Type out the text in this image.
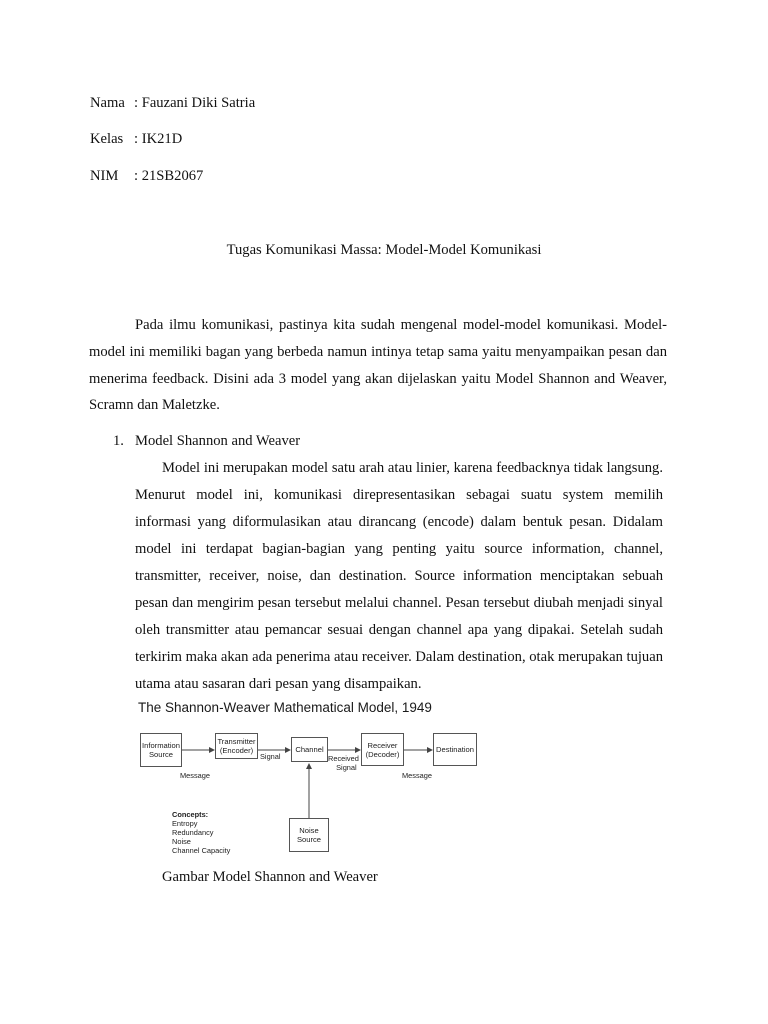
Nama : Fauzani Diki Satria
Kelas : IK21D
NIM : 21SB2067
Tugas Komunikasi Massa: Model-Model Komunikasi

Pada ilmu komunikasi, pastinya kita sudah mengenal model-model komunikasi. Model-model ini memiliki bagan yang berbeda namun intinya tetap sama yaitu menyampaikan pesan dan menerima feedback. Disini ada 3 model yang akan dijelaskan yaitu Model Shannon and Weaver, Scramn dan Maletzke.

1. Model Shannon and Weaver

Model ini merupakan model satu arah atau linier, karena feedbacknya tidak langsung. Menurut model ini, komunikasi direpresentasikan sebagai suatu system memilih informasi yang diformulasikan atau dirancang (encode) dalam bentuk pesan. Didalam model ini terdapat bagian-bagian yang penting yaitu source information, channel, transmitter, receiver, noise, dan destination. Source information menciptakan sebuah pesan dan mengirim pesan tersebut melalui channel. Pesan tersebut diubah menjadi sinyal oleh transmitter atau pemancar sesuai dengan channel apa yang dipakai. Setelah sudah terkirim maka akan ada penerima atau receiver. Dalam destination, otak merupakan tujuan utama atau sasaran dari pesan yang disampaikan.

The Shannon-Weaver Mathematical Model, 1949
Information
Source
Transmitter
(Encoder)	Channel	Receiver
(Decoder)	Destination
Noise
Source
Message
Signal	Received
Signal
Message
Concepts:
Entropy
Redundancy
Noise
Channel Capacity
Gambar Model Shannon and Weaver
